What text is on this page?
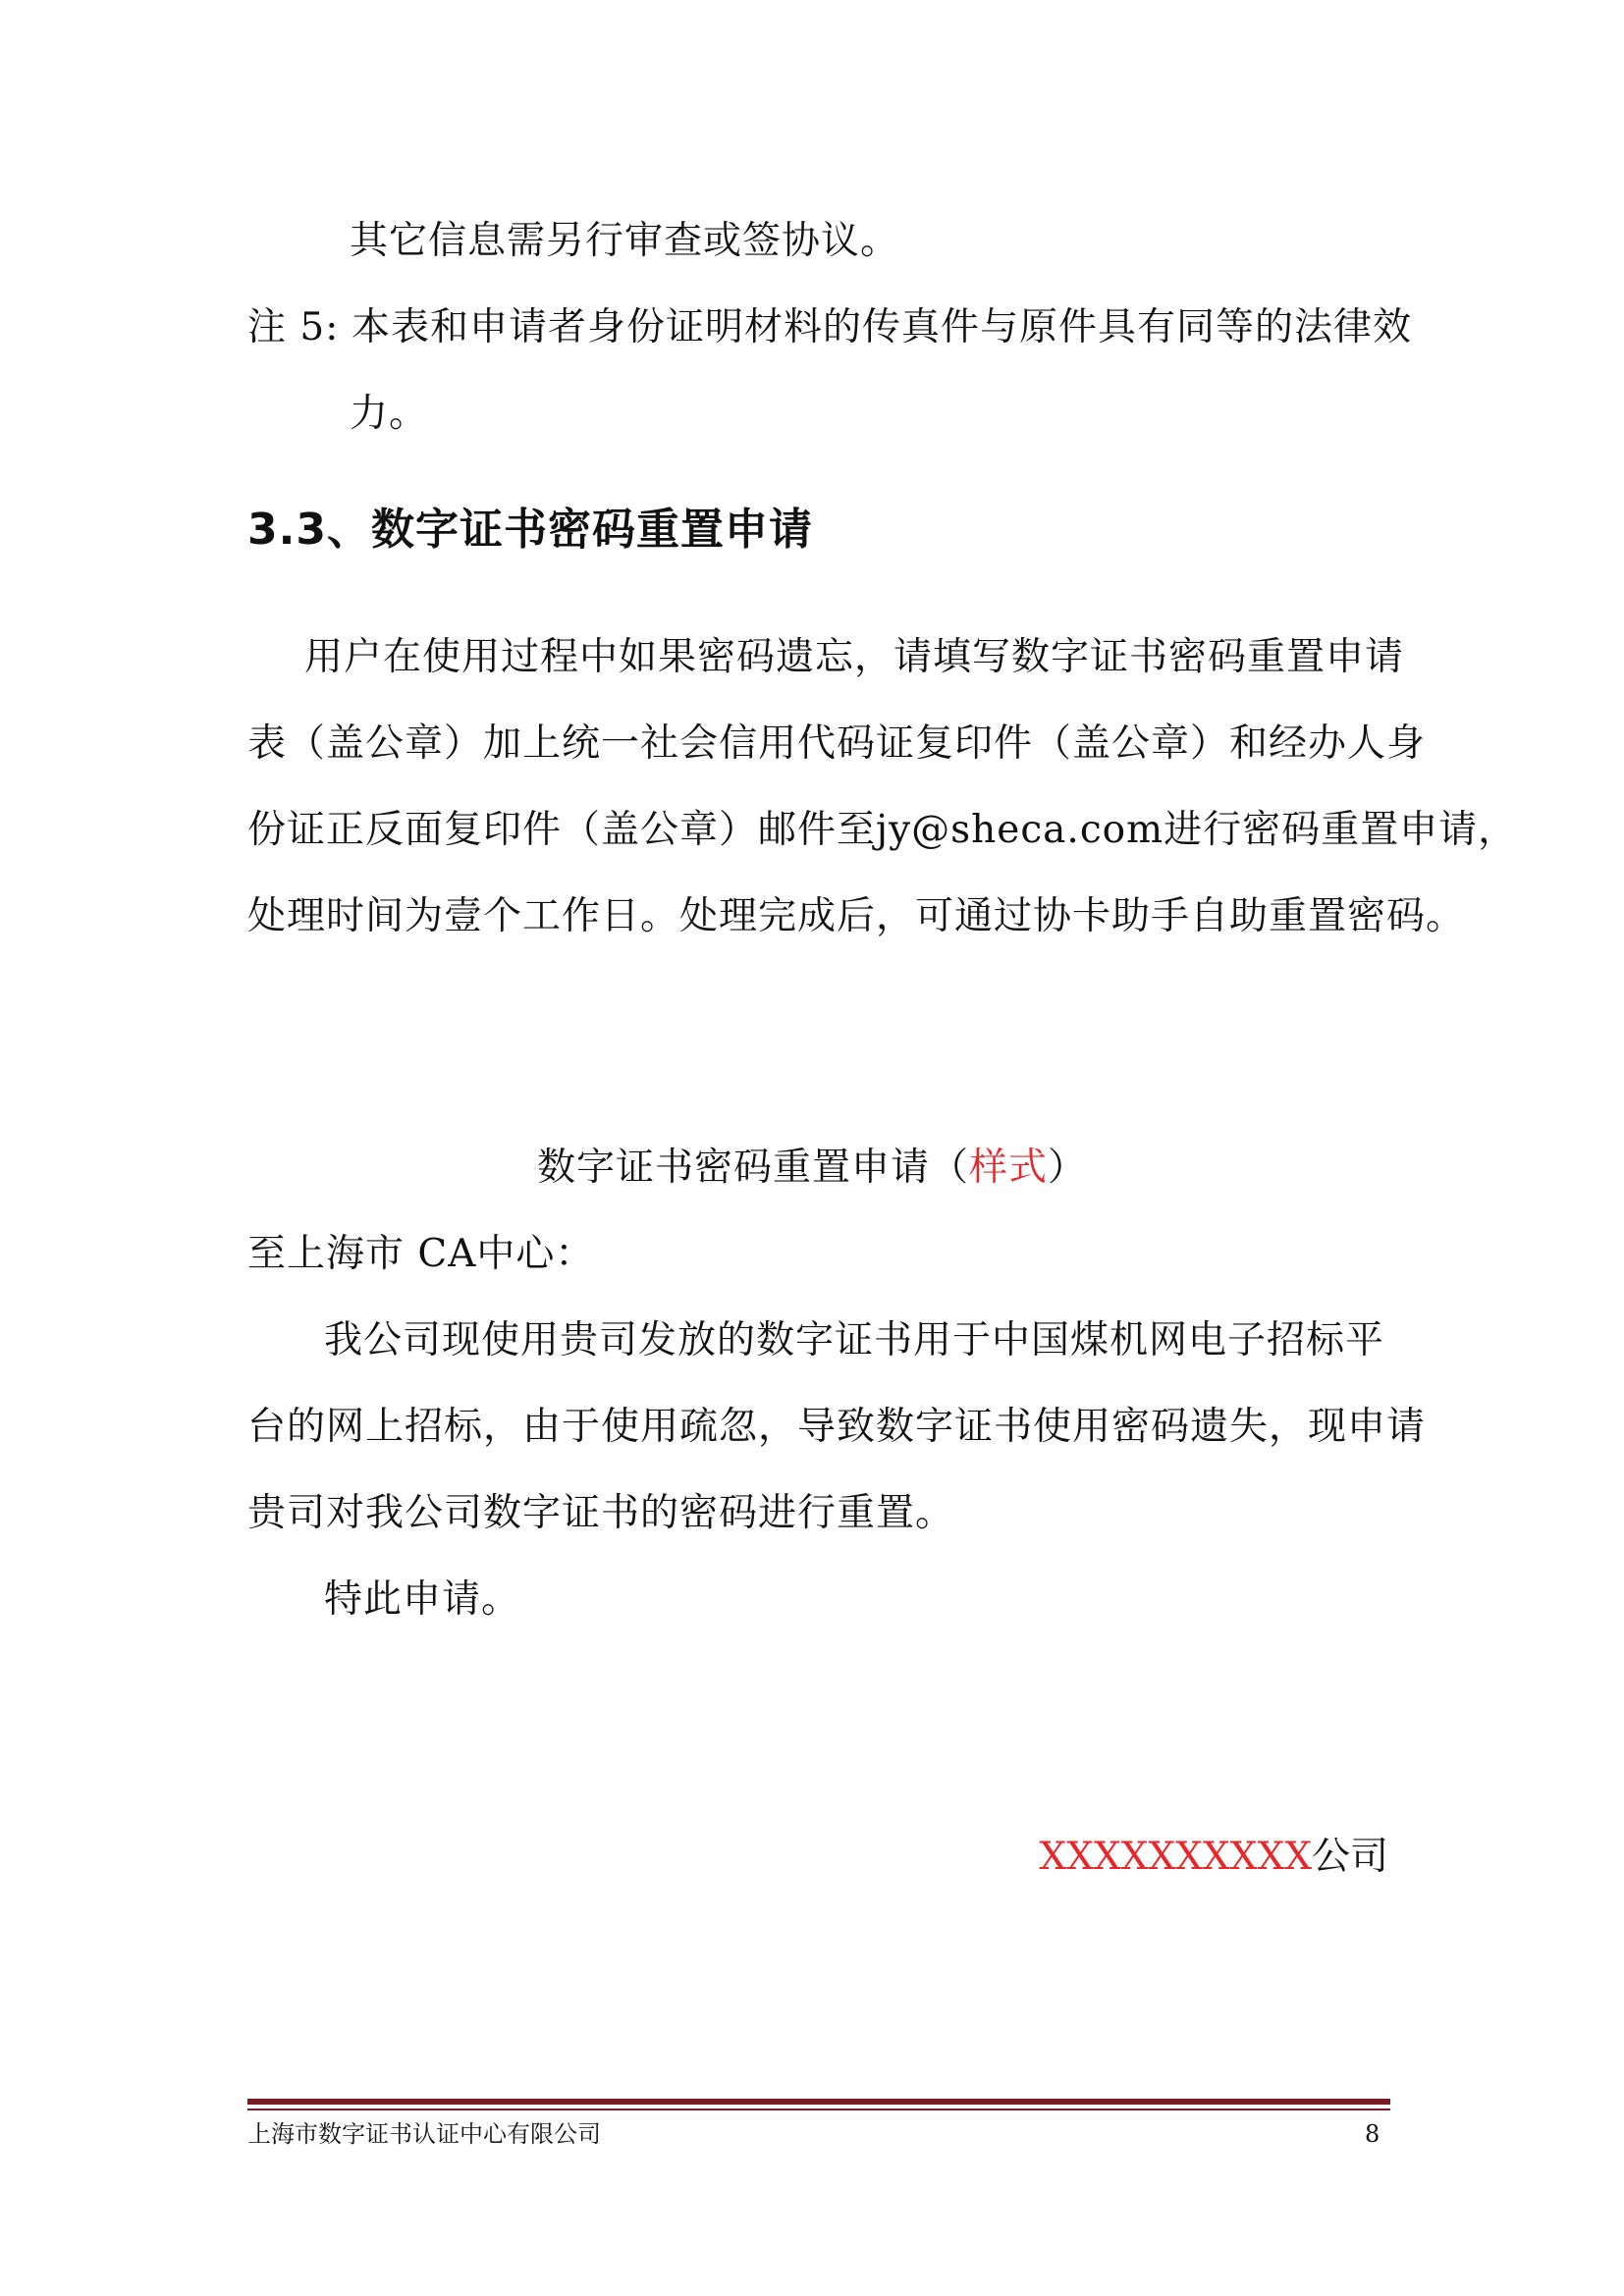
其它信息需另行审查或签协议。
注 5: 本表和申请者身份证明材料的传真件与原件具有同等的法律效
力。
3.3、数字证书密码重置申请
用户在使用过程中如果密码遗忘，请填写数字证书密码重置申请
表（盖公章）加上统一社会信用代码证复印件（盖公章）和经办人身
份证正反面复印件（盖公章）邮件至jy@sheca.com进行密码重置申请，
处理时间为壹个工作日。处理完成后，可通过协卡助手自助重置密码。
数字证书密码重置申请（样式）
至上海市 CA中心：
我公司现使用贵司发放的数字证书用于中国煤机网电子招标平
台的网上招标，由于使用疏忽，导致数字证书使用密码遗失，现申请
贵司对我公司数字证书的密码进行重置。
特此申请。
XXXXXXXXXX公司
上海市数字证书认证中心有限公司	8
